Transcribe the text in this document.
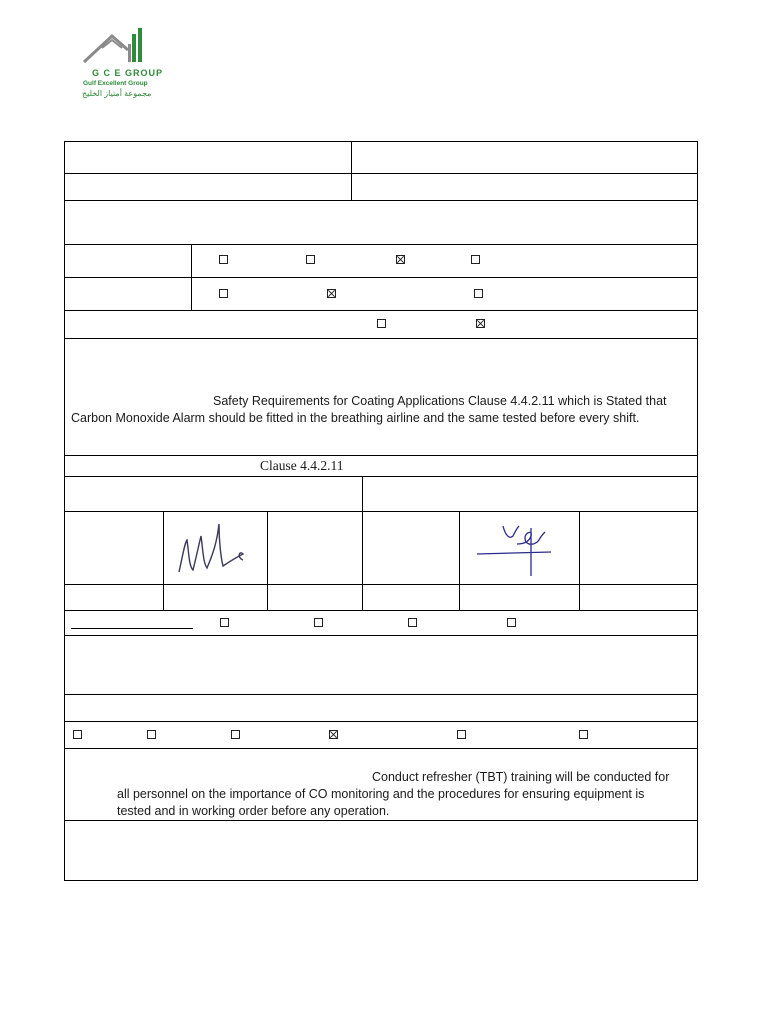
G C E GROUP
Gulf Excellent Group
مجموعة أمتياز الخليج
Safety Requirements for Coating Applications Clause 4.4.2.11 which is Stated that
Carbon Monoxide Alarm should be fitted in the breathing airline and the same tested before every shift.
Clause 4.4.2.11
Conduct refresher (TBT) training will be conducted for
all personnel on the importance of CO monitoring and the procedures for ensuring equipment is
tested and in working order before any operation.
